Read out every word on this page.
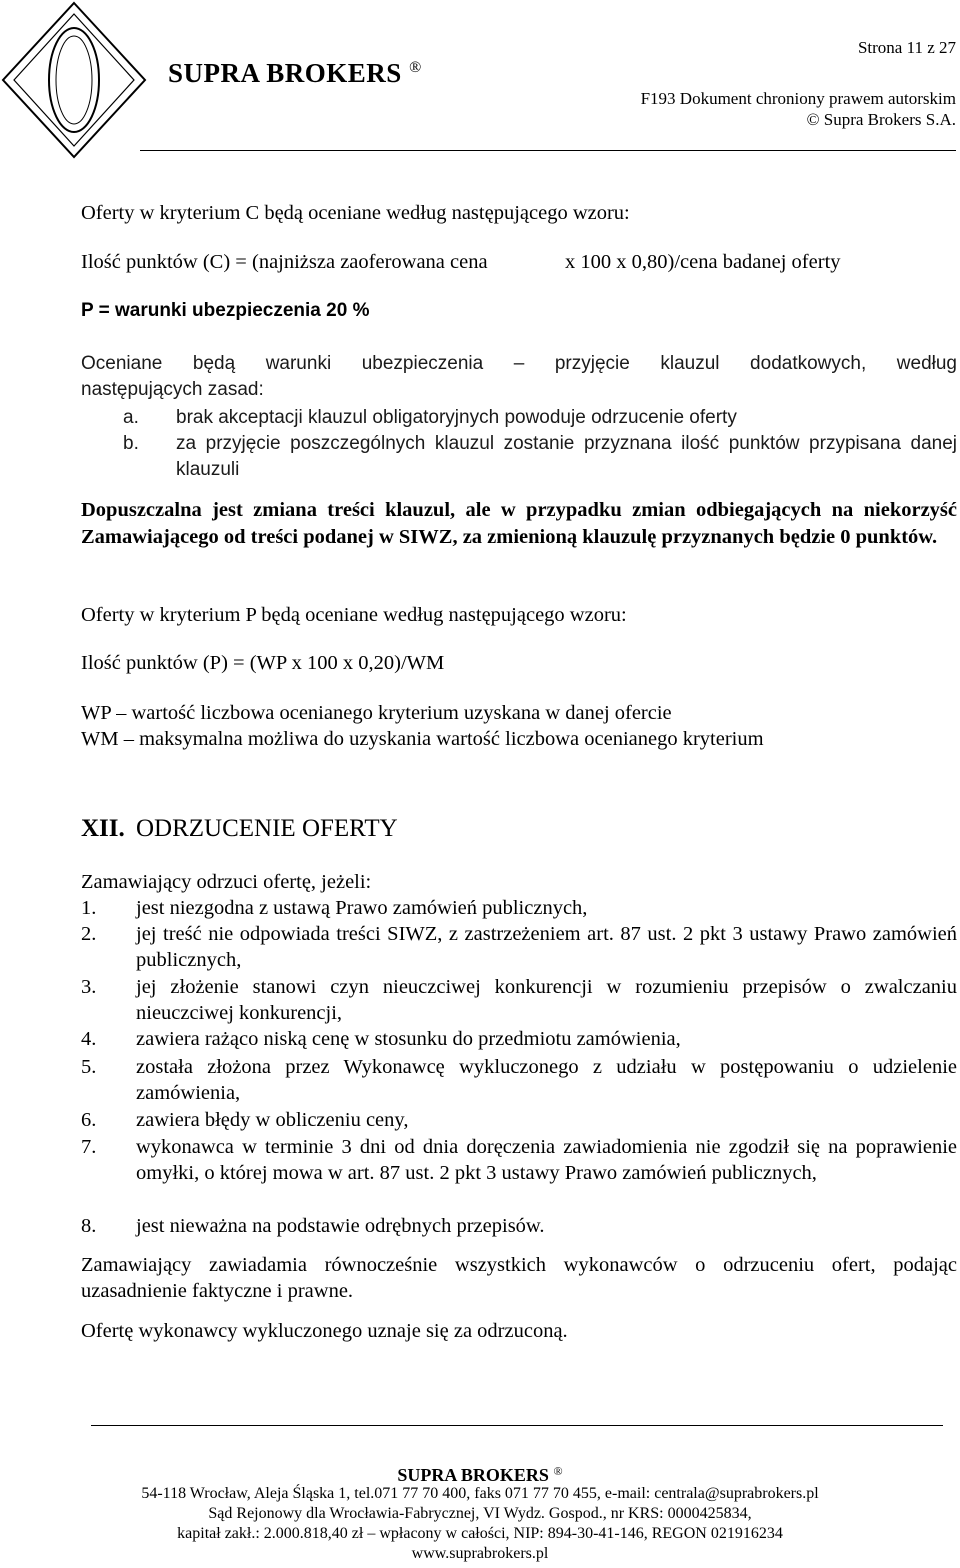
SUPRA BROKERS ®
Strona 11 z 27
F193 Dokument chroniony prawem autorskim
© Supra Brokers S.A.
Oferty w kryterium C będą oceniane według następującego wzoru:
Ilość punktów (C) = (najniższa zaoferowana cena	x 100 x 0,80)/cena badanej oferty
P = warunki ubezpieczenia 20 %
Oceniane będą warunki ubezpieczenia – przyjęcie klauzul dodatkowych, według
następujących zasad:
a.	brak akceptacji klauzul obligatoryjnych powoduje odrzucenie oferty
b.	za przyjęcie poszczególnych klauzul zostanie przyznana ilość punktów przypisana danej klauzuli
Dopuszczalna jest zmiana treści klauzul, ale w przypadku zmian odbiegających na niekorzyść Zamawiającego od treści podanej w SIWZ, za zmienioną klauzulę przyznanych będzie 0 punktów.
Oferty w kryterium P będą oceniane według następującego wzoru:
Ilość punktów (P) = (WP x 100 x 0,20)/WM
WP – wartość liczbowa ocenianego kryterium uzyskana w danej ofercie
WM – maksymalna możliwa do uzyskania wartość liczbowa ocenianego kryterium
XII. ODRZUCENIE OFERTY
Zamawiający odrzuci ofertę, jeżeli:
1.	jest niezgodna z ustawą Prawo zamówień publicznych,
2.	jej treść nie odpowiada treści SIWZ, z zastrzeżeniem art. 87 ust. 2 pkt 3 ustawy Prawo zamówień publicznych,
3.	jej złożenie stanowi czyn nieuczciwej konkurencji w rozumieniu przepisów o zwalczaniu nieuczciwej konkurencji,
4.	zawiera rażąco niską cenę w stosunku do przedmiotu zamówienia,
5.	została złożona przez Wykonawcę wykluczonego z udziału w postępowaniu o udzielenie zamówienia,
6.	zawiera błędy w obliczeniu ceny,
7.	wykonawca w terminie 3 dni od dnia doręczenia zawiadomienia nie zgodził się na poprawienie omyłki, o której mowa w art. 87 ust. 2 pkt 3 ustawy Prawo zamówień publicznych,
8.	jest nieważna na podstawie odrębnych przepisów.
Zamawiający zawiadamia równocześnie wszystkich wykonawców o odrzuceniu ofert, podając uzasadnienie faktyczne i prawne.
Ofertę wykonawcy wykluczonego uznaje się za odrzuconą.
SUPRA BROKERS ®
54-118 Wrocław, Aleja Śląska 1, tel.071 77 70 400, faks 071 77 70 455, e-mail: centrala@suprabrokers.pl
Sąd Rejonowy dla Wrocławia-Fabrycznej, VI Wydz. Gospod., nr KRS: 0000425834,
kapitał zakł.: 2.000.818,40 zł – wpłacony w całości, NIP: 894-30-41-146, REGON 021916234
www.suprabrokers.pl
